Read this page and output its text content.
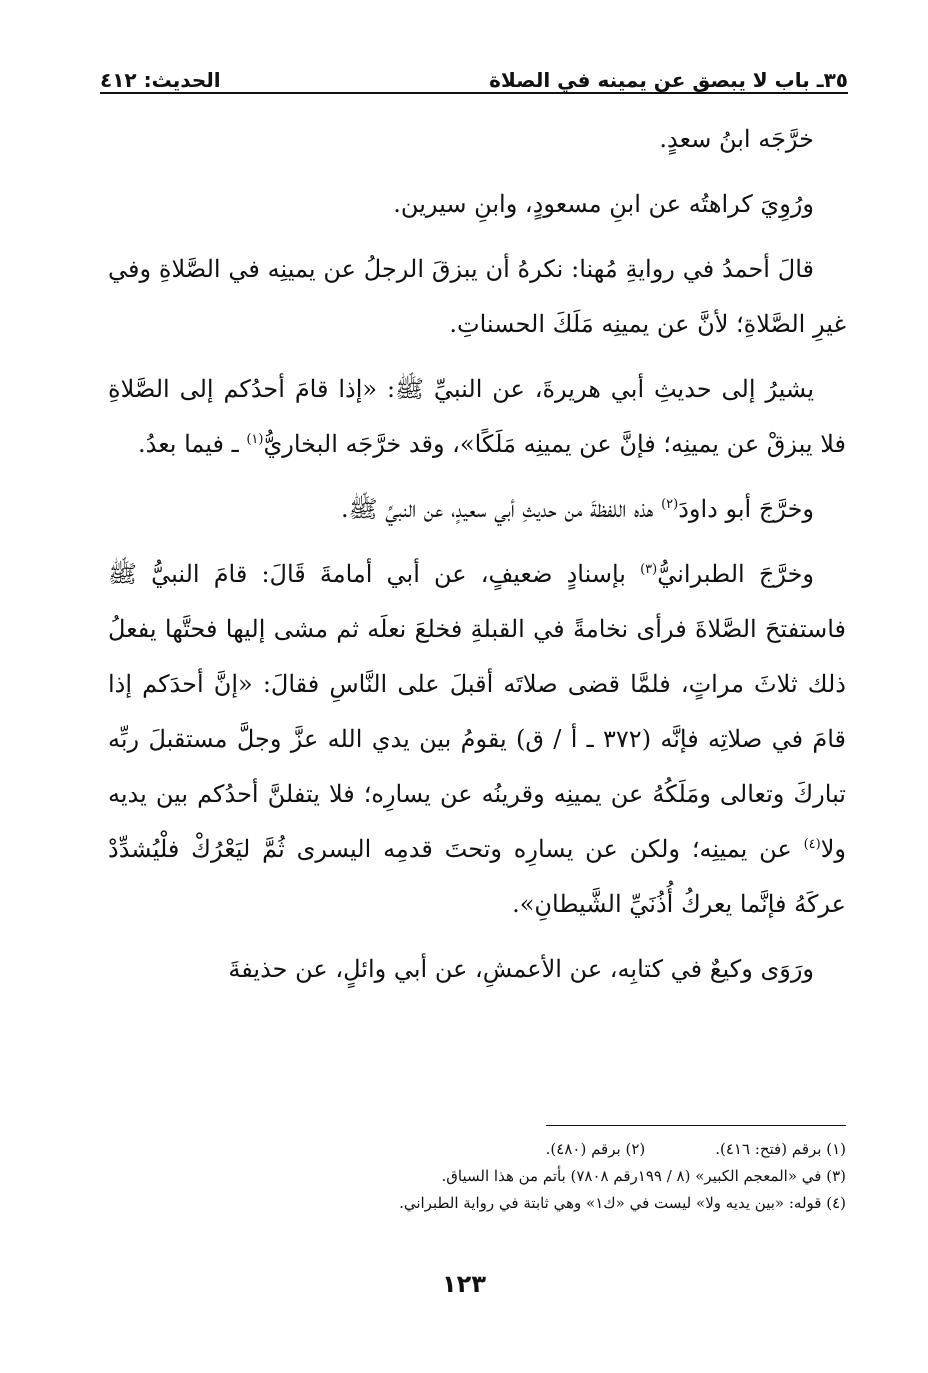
٣٥ـ باب لا يبصق عن يمينه في الصلاة
الحديث: ٤١٢

خرَّجَه ابنُ سعدٍ.

ورُوِيَ كراهتُه عن ابنِ مسعودٍ، وابنِ سيرين.

قالَ أحمدُ في روايةِ مُهنا: نكرهُ أن يبزقَ الرجلُ عن يمينِه في الصَّلاةِ وفي غيرِ الصَّلاةِ؛ لأنَّ عن يمينِه مَلَكَ الحسناتِ.

يشيرُ إلى حديثِ أبي هريرةَ، عن النبيِّ ﷺ: «إذا قامَ أحدُكم إلى الصَّلاةِ فلا يبزقْ عن يمينِه؛ فإنَّ عن يمينِه مَلَكًا»، وقد خرَّجَه البخاريُّ$^{(١)}$ ـ فيما بعدُ.

وخرَّجَ أبو داودَ$^{(٢)}$ هذه اللفظةَ من حديثِ أبي سعيدٍ، عن النبيِّ ﷺ.

وخرَّجَ الطبرانيُّ$^{(٣)}$ بإسنادٍ ضعيفٍ، عن أبي أمامةَ قَالَ: قامَ النبيُّ ﷺ فاستفتحَ الصَّلاةَ فرأى نخامةً في القبلةِ فخلعَ نعلَه ثم مشى إليها فحتَّها يفعلُ ذلك ثلاثَ مراتٍ، فلمَّا قضى صلاتَه أقبلَ على النَّاسِ فقالَ: «إنَّ أحدَكم إذا قامَ في صلاتِه فإنَّه (٣٧٢ ـ أ / ق) يقومُ بين يدي الله عزَّ وجلَّ مستقبلَ ربِّه تباركَ وتعالى ومَلَكُهُ عن يمينِه وقرينُه عن يسارِه؛ فلا يتفلنَّ أحدُكم بين يديه ولا$^{(٤)}$ عن يمينِه؛ ولكن عن يسارِه وتحتَ قدمِه اليسرى ثُمَّ ليَعْرُكْ فلْيُشدِّدْ عركَهُ فإنَّما يعركُ أُذُنَيِّ الشَّيطانِ».

ورَوَى وكيعٌ في كتابِه، عن الأعمشِ، عن أبي وائلٍ، عن حذيفةَ

(١) برقم (فتح: ٤١٦).
(٢) برقم (٤٨٠).
(٣) في «المعجم الكبير» (٨ / ١٩٩رقم ٧٨٠٨) بأتم من هذا السياق.
(٤) قوله: «بين يديه ولا» ليست في «ك١» وهي ثابتة في رواية الطبراني.
١٢٣
